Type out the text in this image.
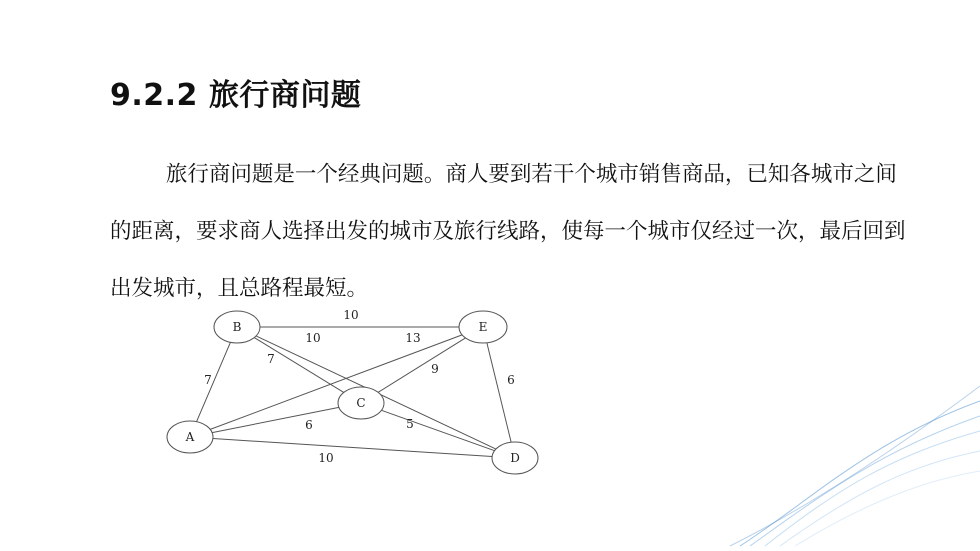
9.2.2 旅行商问题

旅行商问题是一个经典问题。商人要到若干个城市销售商品，已知各城市之间的距离，要求商人选择出发的城市及旅行线路，使每一个城市仅经过一次，最后回到出发城市，且总路程最短。

10
7
7
10	13
6
10
9
5
6
A
B
C
D
E
